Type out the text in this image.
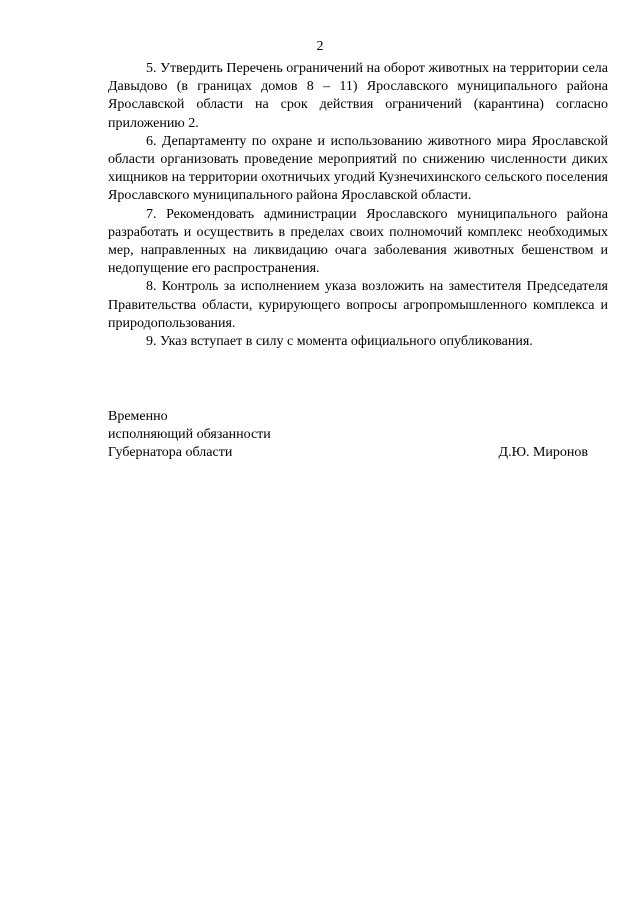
2

5. Утвердить Перечень ограничений на оборот животных на территории села Давыдово (в границах домов 8 – 11) Ярославского муниципального района Ярославской области на срок действия ограничений (карантина) согласно приложению 2.

6. Департаменту по охране и использованию животного мира Ярославской области организовать проведение мероприятий по снижению численности диких хищников на территории охотничьих угодий Кузнечихинского сельского поселения Ярославского муниципального района Ярославской области.

7. Рекомендовать администрации Ярославского муниципального района разработать и осуществить в пределах своих полномочий комплекс необходимых мер, направленных на ликвидацию очага заболевания животных бешенством и недопущение его распространения.

8. Контроль за исполнением указа возложить на заместителя Председателя Правительства области, курирующего вопросы агропромышленного комплекса и природопользования.

9. Указ вступает в силу с момента официального опубликования.

Временно
исполняющий обязанности
Губернатора области	Д.Ю. Миронов
